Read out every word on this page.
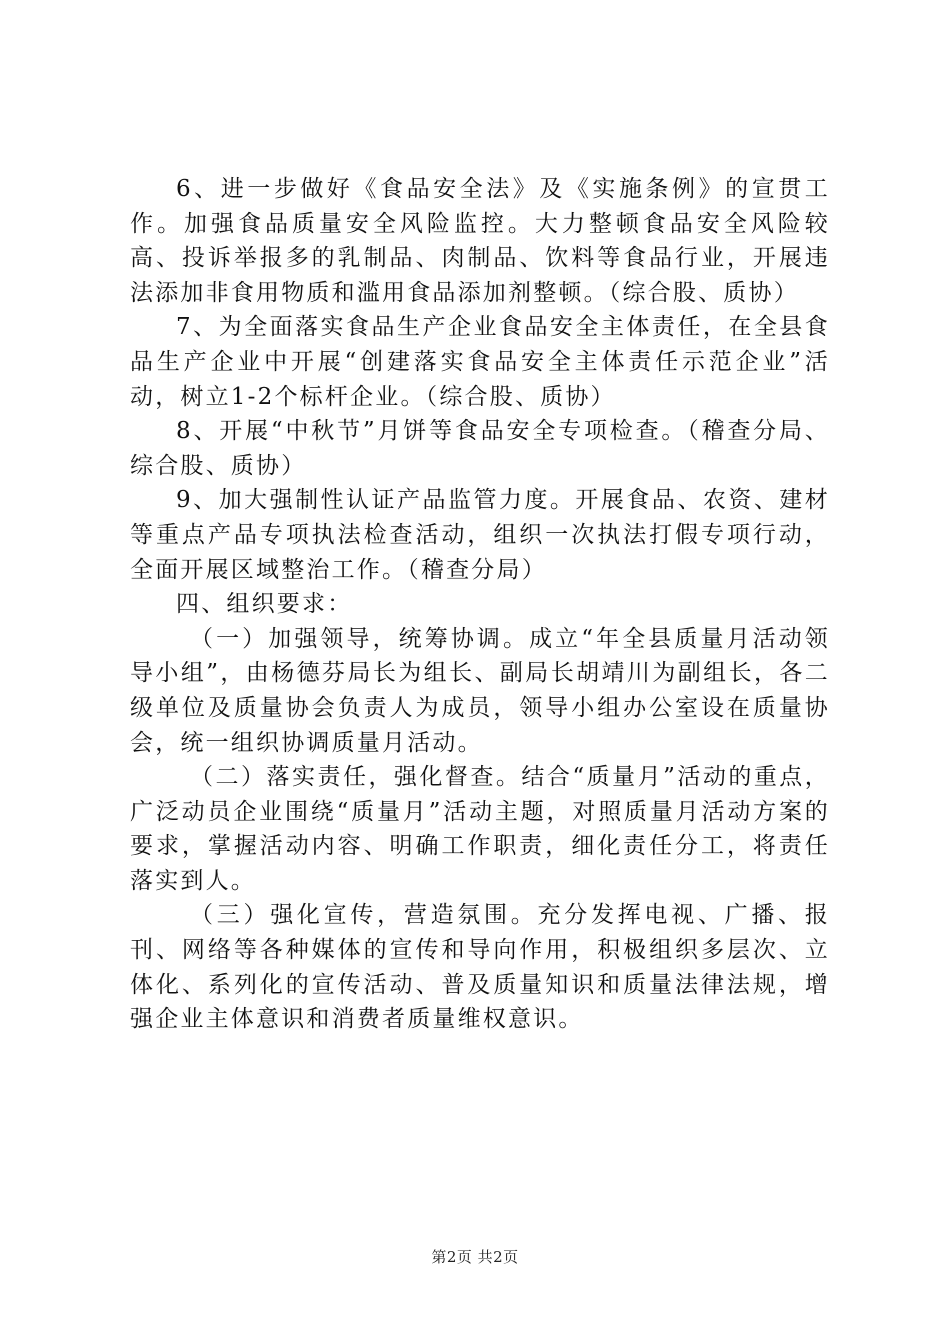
6、进一步做好《食品安全法》及《实施条例》的宣贯工作。加强食品质量安全风险监控。大力整顿食品安全风险较高、投诉举报多的乳制品、肉制品、饮料等食品行业，开展违法添加非食用物质和滥用食品添加剂整顿。（综合股、质协）

7、为全面落实食品生产企业食品安全主体责任，在全县食品生产企业中开展“创建落实食品安全主体责任示范企业”活动，树立1-2个标杆企业。（综合股、质协）

8、开展“中秋节”月饼等食品安全专项检查。（稽查分局、综合股、质协）

9、加大强制性认证产品监管力度。开展食品、农资、建材等重点产品专项执法检查活动，组织一次执法打假专项行动，全面开展区域整治工作。（稽查分局）

四、组织要求：

（一）加强领导，统筹协调。成立“年全县质量月活动领导小组”，由杨德芬局长为组长、副局长胡靖川为副组长，各二级单位及质量协会负责人为成员，领导小组办公室设在质量协会，统一组织协调质量月活动。

（二）落实责任，强化督查。结合“质量月”活动的重点，广泛动员企业围绕“质量月”活动主题，对照质量月活动方案的要求，掌握活动内容、明确工作职责，细化责任分工，将责任落实到人。

（三）强化宣传，营造氛围。充分发挥电视、广播、报刊、网络等各种媒体的宣传和导向作用，积极组织多层次、立体化、系列化的宣传活动、普及质量知识和质量法律法规，增强企业主体意识和消费者质量维权意识。

第2页 共2页
